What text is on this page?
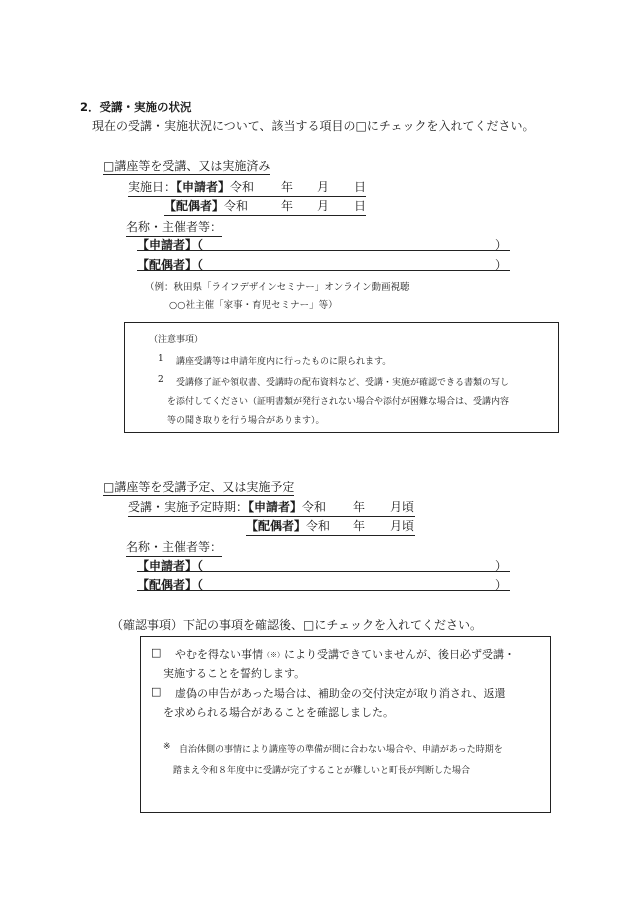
2．受講・実施の状況
現在の受講・実施状況について、該当する項目の□にチェックを入れてください。
□講座等を受講、又は実施済み
実施日：【申請者】令和 年 月 日
【配偶者】令和	年 月 日
名称・主催者等：
【申請者】（	）
【配偶者】（	）
（例：秋田県「ライフデザインセミナー」オンライン動画視聴
○○社主催「家事・育児セミナー」等）
（注意事項）
1 講座受講等は申請年度内に行ったものに限られます。
2 受講修了証や領収書、受講時の配布資料など、受講・実施が確認できる書類の写し
を添付してください（証明書類が発行されない場合や添付が困難な場合は、受講内容
等の聞き取りを行う場合があります）。
□講座等を受講予定、又は実施予定
受講・実施予定時期：【申請者】令和 年 月頃
【配偶者】令和 年 月頃
名称・主催者等：
【申請者】（	）
【配偶者】（	）
（確認事項）下記の事項を確認後、□にチェックを入れてください。
□ やむを得ない事情（※）により受講できていませんが、後日必ず受講・
実施することを誓約します。
□ 虚偽の申告があった場合は、補助金の交付決定が取り消され、返還
を求められる場合があることを確認しました。
※ 自治体側の事情により講座等の準備が間に合わない場合や、申請があった時期を
踏まえ令和８年度中に受講が完了することが難しいと町長が判断した場合
